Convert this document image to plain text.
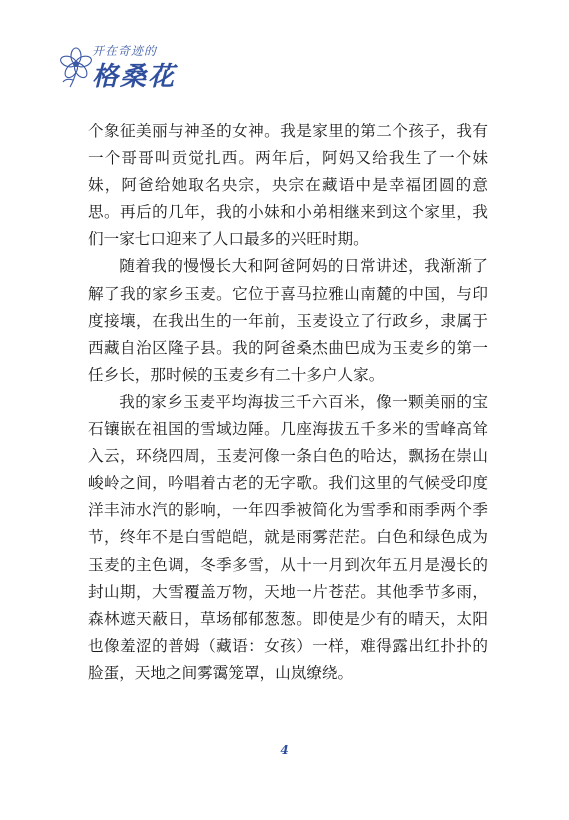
开在奇迹的
格桑花

个象征美丽与神圣的女神。我是家里的第二个孩子，我有一个哥哥叫贡觉扎西。两年后，阿妈又给我生了一个妹妹，阿爸给她取名央宗，央宗在藏语中是幸福团圆的意思。再后的几年，我的小妹和小弟相继来到这个家里，我们一家七口迎来了人口最多的兴旺时期。

随着我的慢慢长大和阿爸阿妈的日常讲述，我渐渐了解了我的家乡玉麦。它位于喜马拉雅山南麓的中国，与印度接壤，在我出生的一年前，玉麦设立了行政乡，隶属于西藏自治区隆子县。我的阿爸桑杰曲巴成为玉麦乡的第一任乡长，那时候的玉麦乡有二十多户人家。

我的家乡玉麦平均海拔三千六百米，像一颗美丽的宝石镶嵌在祖国的雪域边陲。几座海拔五千多米的雪峰高耸入云，环绕四周，玉麦河像一条白色的哈达，飘扬在崇山峻岭之间，吟唱着古老的无字歌。我们这里的气候受印度洋丰沛水汽的影响，一年四季被简化为雪季和雨季两个季节，终年不是白雪皑皑，就是雨雾茫茫。白色和绿色成为玉麦的主色调，冬季多雪，从十一月到次年五月是漫长的封山期，大雪覆盖万物，天地一片苍茫。其他季节多雨，森林遮天蔽日，草场郁郁葱葱。即使是少有的晴天，太阳也像羞涩的普姆（藏语：女孩）一样，难得露出红扑扑的脸蛋，天地之间雾霭笼罩，山岚缭绕。

4
